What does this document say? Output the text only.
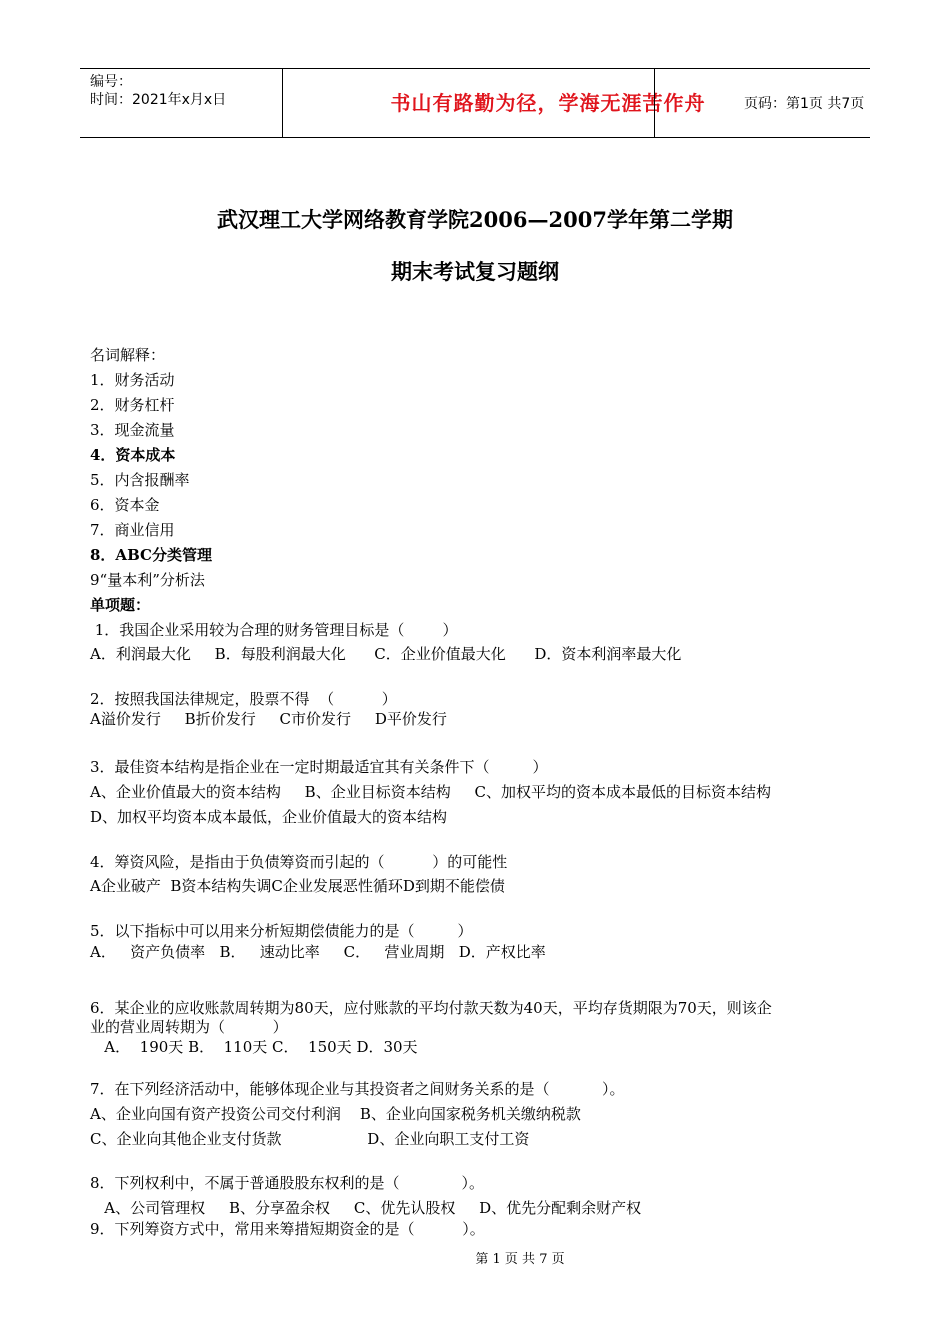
编号：
时间：2021年x月x日	书山有路勤为径，学海无涯苦作舟	页码：第1页 共7页
武汉理工大学网络教育学院2006—2007学年第二学期
期末考试复习题纲
名词解释：
1．财务活动
2．财务杠杆
3．现金流量
4．资本成本
5．内含报酬率
6．资本金
7．商业信用
8．ABC分类管理
9“量本利”分析法
单项题：
1．我国企业采用较为合理的财务管理目标是（        ）
A．利润最大化     B．每股利润最大化      C．企业价值最大化      D．资本利润率最大化
2．按照我国法律规定，股票不得  （          ）
A溢价发行     B折价发行     C市价发行     D平价发行
3．最佳资本结构是指企业在一定时期最适宜其有关条件下（         ）
A、企业价值最大的资本结构     B、企业目标资本结构     C、加权平均的资本成本最低的目标资本结构
D、加权平均资本成本最低，企业价值最大的资本结构
4．筹资风险，是指由于负债筹资而引起的（          ）的可能性
A企业破产  B资本结构失调C企业发展恶性循环D到期不能偿债
5．以下指标中可以用来分析短期偿债能力的是（         ）
A．   资产负债率   B．   速动比率     C．   营业周期   D．产权比率
6．某企业的应收账款周转期为80天，应付账款的平均付款天数为40天，平均存货期限为70天，则该企
业的营业周转期为（          ）
A．  190天 B．  110天 C．  150天 D．30天
7．在下列经济活动中，能够体现企业与其投资者之间财务关系的是（           ）。
A、企业向国有资产投资公司交付利润    B、企业向国家税务机关缴纳税款
C、企业向其他企业支付货款                  D、企业向职工支付工资
8．下列权利中，不属于普通股股东权利的是（             ）。
A、公司管理权     B、分享盈余权     C、优先认股权     D、优先分配剩余财产权
9．下列筹资方式中，常用来筹措短期资金的是（          ）。
第 1 页 共 7 页
